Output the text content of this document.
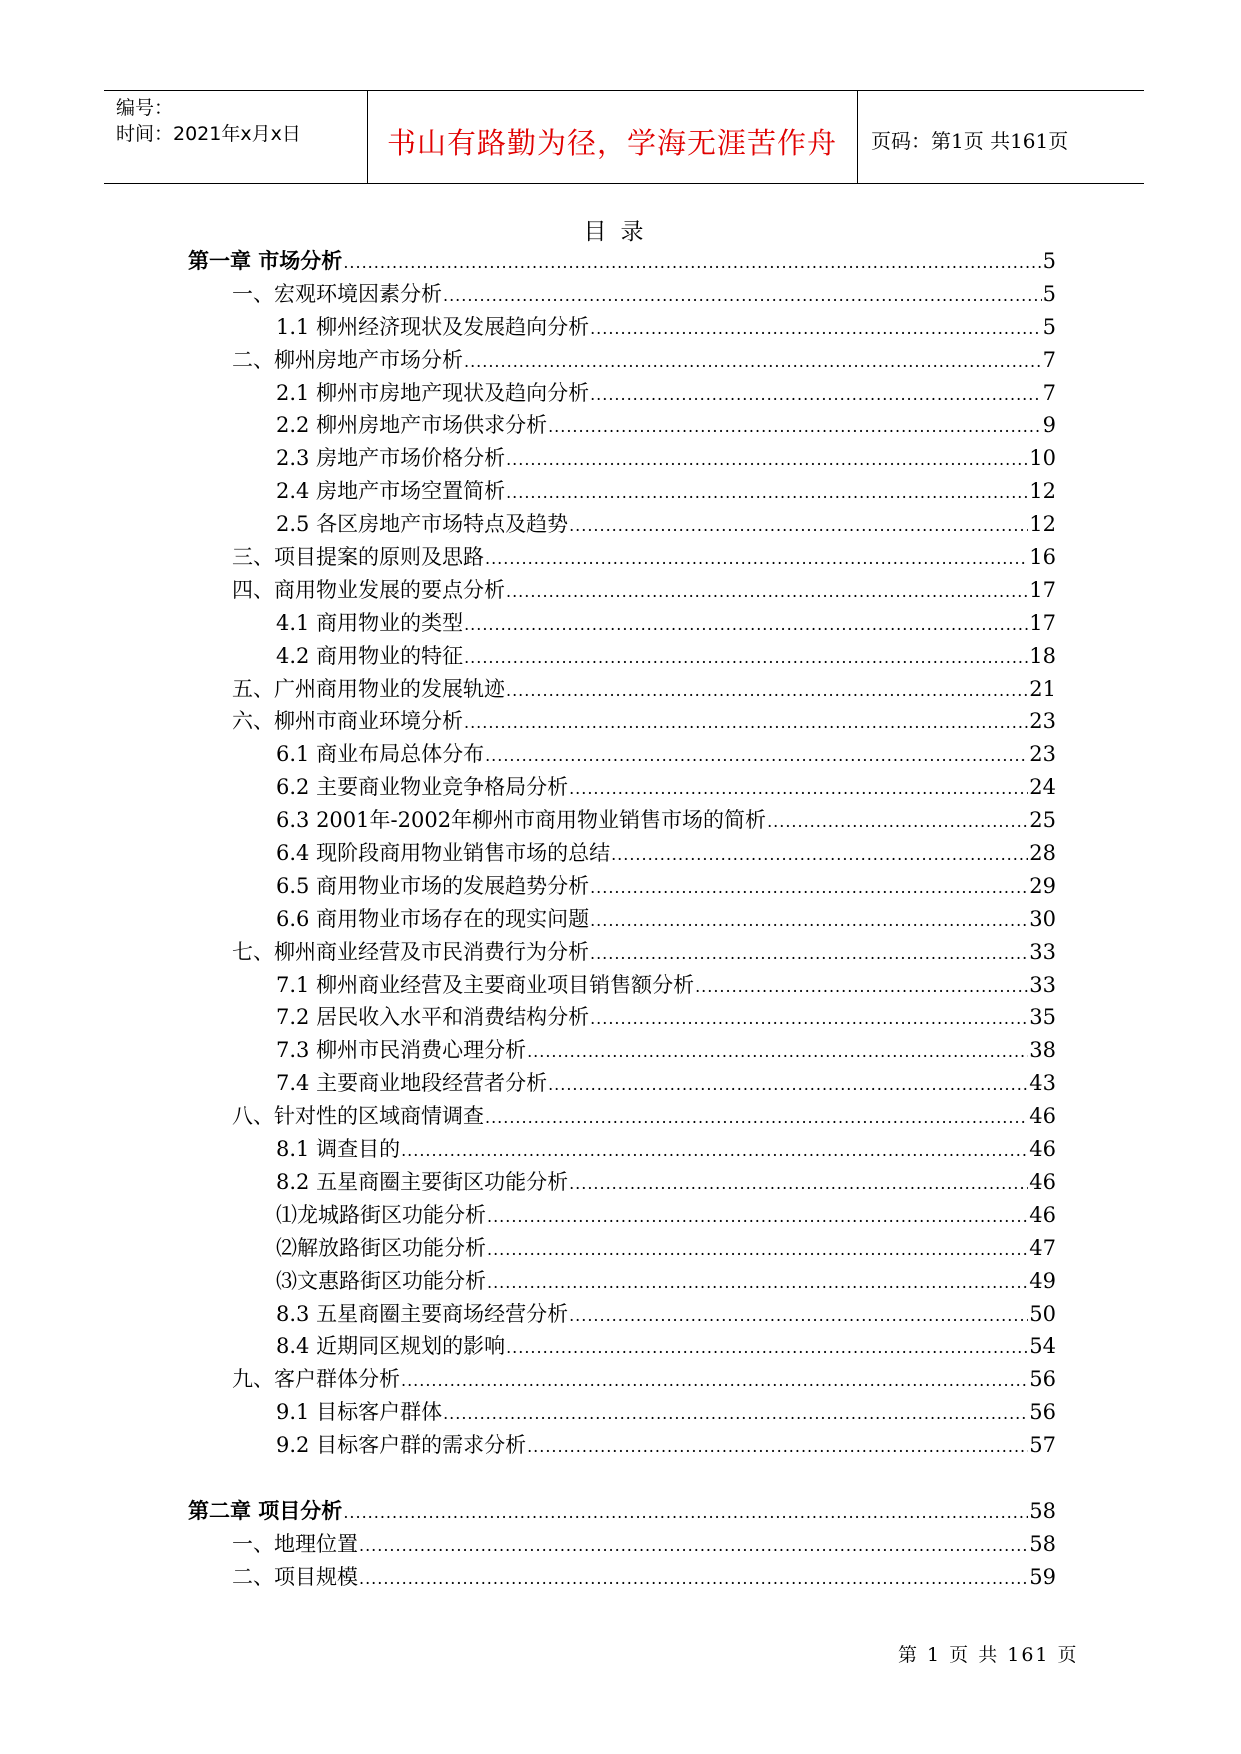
编号：
时间：2021年x月x日	书山有路勤为径，学海无涯苦作舟	页码：第1页 共161页
目录
第一章 市场分析 .....	5
一、宏观环境因素分析 .....	5
1.1 柳州经济现状及发展趋向分析 .....	5
二、柳州房地产市场分析 .....	7
2.1 柳州市房地产现状及趋向分析 .....	7
2.2 柳州房地产市场供求分析 .....	9
2.3 房地产市场价格分析 .....	10
2.4 房地产市场空置简析 .....	12
2.5 各区房地产市场特点及趋势 .....	12
三、项目提案的原则及思路 .....	16
四、商用物业发展的要点分析 .....	17
4.1 商用物业的类型 .....	17
4.2 商用物业的特征 .....	18
五、广州商用物业的发展轨迹 .....	21
六、柳州市商业环境分析 .....	23
6.1 商业布局总体分布 .....	23
6.2 主要商业物业竞争格局分析 .....	24
6.3 2001年-2002年柳州市商用物业销售市场的简析 .....	25
6.4 现阶段商用物业销售市场的总结 .....	28
6.5 商用物业市场的发展趋势分析 .....	29
6.6 商用物业市场存在的现实问题 .....	30
七、柳州商业经营及市民消费行为分析 .....	33
7.1 柳州商业经营及主要商业项目销售额分析 .....	33
7.2 居民收入水平和消费结构分析 .....	35
7.3 柳州市民消费心理分析 .....	38
7.4 主要商业地段经营者分析 .....	43
八、针对性的区域商情调查 .....	46
8.1 调查目的 .....	46
8.2 五星商圈主要街区功能分析 .....	46
⑴龙城路街区功能分析 .....	46
⑵解放路街区功能分析 .....	47
⑶文惠路街区功能分析 .....	49
8.3 五星商圈主要商场经营分析 .....	50
8.4 近期同区规划的影响 .....	54
九、客户群体分析 .....	56
9.1 目标客户群体 .....	56
9.2 目标客户群的需求分析 .....	57
第二章 项目分析 .....	58
一、地理位置 .....	58
二、项目规模 .....	59
第 1 页 共 161 页
